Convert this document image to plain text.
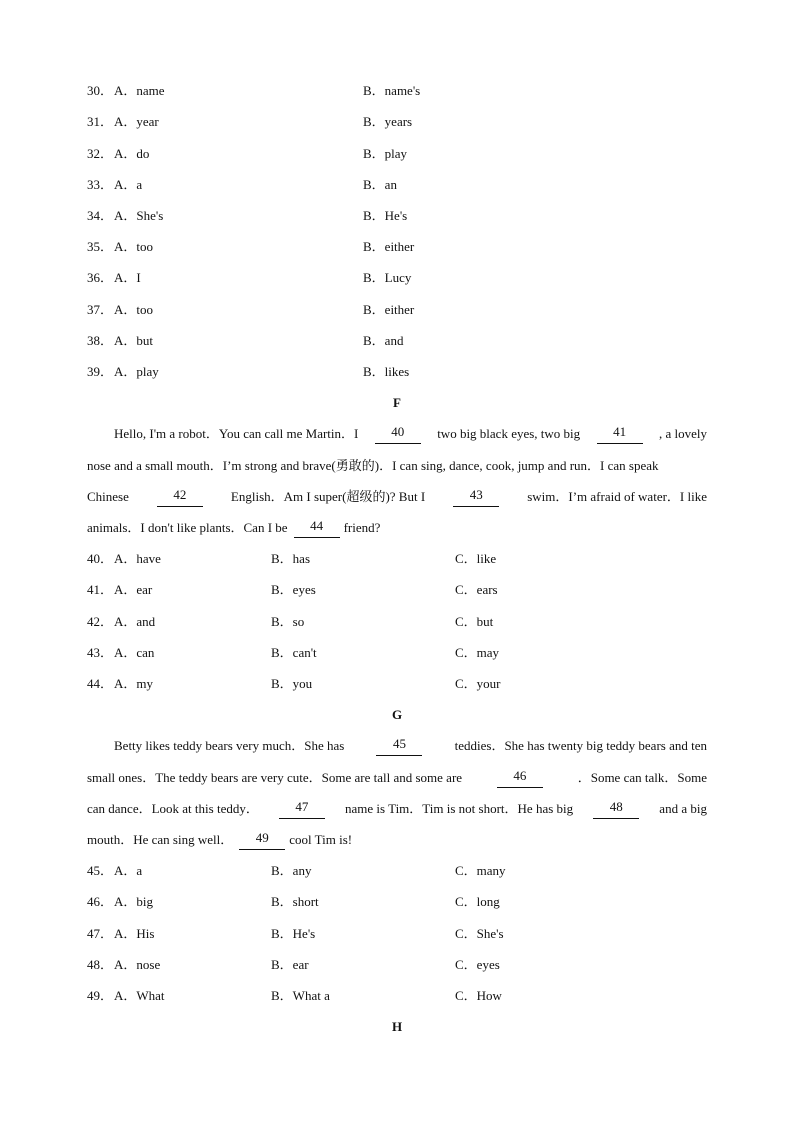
30． A．name	B．name's
31． A．year	B．years
32． A．do	B．play
33． A．a	B．an
34． A．She's	B．He's
35． A．too	B．either
36． A．I	B．Lucy
37． A．too	B．either
38． A．but	B．and
39． A．play	B．likes
F
Hello, I'm a robot．You can call me Martin．I	40	two big black eyes, two big	41	, a lovely
nose and a small mouth．I’m strong and brave(勇敢的)．I can sing, dance, cook, jump and run．I can speak
Chinese	42	English．Am I super(超级的)? But I	43	swim．I’m afraid of water．I like
animals．I don't like plants．Can I be	44	friend?
40． A．have	B．has	C．like
41． A．ear	B．eyes	C．ears
42． A．and	B．so	C．but
43． A．can	B．can't	C．may
44． A．my	B．you	C．your
G
Betty likes teddy bears very much．She has	45	teddies．She has twenty big teddy bears and ten
small ones．The teddy bears are very cute．Some are tall and some are	46	．Some can talk．Some
can dance．Look at this teddy．	47	name is Tim．Tim is not short．He has big	48	and a big
mouth．He can sing well．	49	cool Tim is!
45． A．a	B．any	C．many
46． A．big	B．short	C．long
47． A．His	B．He's	C．She's
48． A．nose	B．ear	C．eyes
49． A．What	B．What a	C．How
H
